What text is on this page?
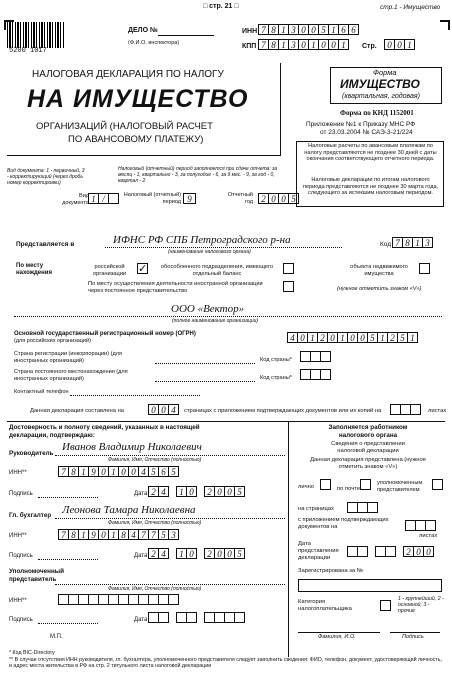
□ стр. 21 □	стр.1 - Имущество
5200 1017
ДЕЛО №
(Ф.И.О. инспектора)
ИНН 7 8 1 3 0 0 5 1 6 6
КПП 7 8 1 3 0 1 0 0 1	Стр.	0 0 1
НАЛОГОВАЯ ДЕКЛАРАЦИЯ ПО НАЛОГУ
НА ИМУЩЕСТВО
ОРГАНИЗАЦИЙ (НАЛОГОВЫЙ РАСЧЕТ
ПО АВАНСОВОМУ ПЛАТЕЖУ)
Форма
ИМУЩЕСТВО
(квартальная, годовая)
Форма по КНД 1152001
Приложение №1 к Приказу МНС РФ
от 23.03.2004 № САЭ-3-21/224
Налоговые расчеты по авансовым платежам по налогу представляются не позднее 30 дней с даты окончания соответствующего отчетного периода.
Налоговые декларации по итогам налогового периода представляются не позднее 30 марта года, следующего за истекшим налоговым периодом.
Вид документа: 1 - первичный, 3 - корректирующий (через дробь номер корректировки)
Налоговый (отчетный) период заполняется при сдаче отчета: за месяц - 1, квартально - 3, за полугодие - 6, за 9 мес. - 9, за год - 0, квартал - 2
Вид документа 1 /	Налоговый (отчетный) период 9	Отчетный год 2 0 0 5
Представляется в	ИФНС РФ СПБ Петроградского р-на
(наименование налогового органа)
Код 7 8 1 3
По месту нахождения
российской организации	✓	обособленного подразделения, имеющего отдельный баланс
объекта недвижимого имущества
По месту осуществления деятельности иностранной организации через постоянное представительство	(нужное отметить знаком «V»)
ООО «Вектор»
(полное наименование организации)
Основной государственный регистрационный номер (ОГРН)
(для российских организаций)	4 0 1 2 0 1 0 0 5 1 2 5 1
Страна регистрации (инкорпорации) (для иностранных организаций)	Код страны*
Страна постоянного местонахождения (для иностранных организаций)	Код страны*
Контактный телефон
Данная декларация составлена на	0 0 4	страницах с приложением подтверждающих документов или их копий на	листах
Достоверность и полноту сведений, указанных в настоящей декларации, подтверждаю:
Руководитель
Иванов Владимир Николаевич
Фамилия, Имя, Отчество (полностью)
ИНН**	7 8 1 9 0 1 0 0 4 5 6 5
Подпись	Дата 2 4	1 0	2 0 0 5
Гл. бухгалтер Леонова Тамара Николаевна
Фамилия, Имя, Отчество (полностью)
ИНН**	7 8 1 9 0 1 8 4 7 7 5 3
Подпись	Дата 2 4	1 0	2 0 0 5
Уполномоченный представитель
Фамилия, Имя, Отчество (полностью)
ИНН**
Подпись	Дата
М.П.
* Код BIC-Directory
** В случае отсутствия ИНН руководителя, гл. бухгалтера, уполномоченного представителя следует заполнить сведения: ФИО, телефон, документ, удостоверяющий личность, и адрес места жительства в РФ на стр. 2 титульного листа налоговой декларации
Заполняется работником налогового органа
Сведения о представлении налоговой декларации
Данная декларация представлена (нужное отметить знаком «V»)
лично	по почте
уполномоченным представителем
на страницах
с приложением подтверждающих документов на
листах
Дата представления декларации
2 0 0
Зарегистрирована за №
Категория налогоплательщика
1 - крупнейший, 2 - основной, 3 - прочие
Фамилия, И.О.	Подпись
